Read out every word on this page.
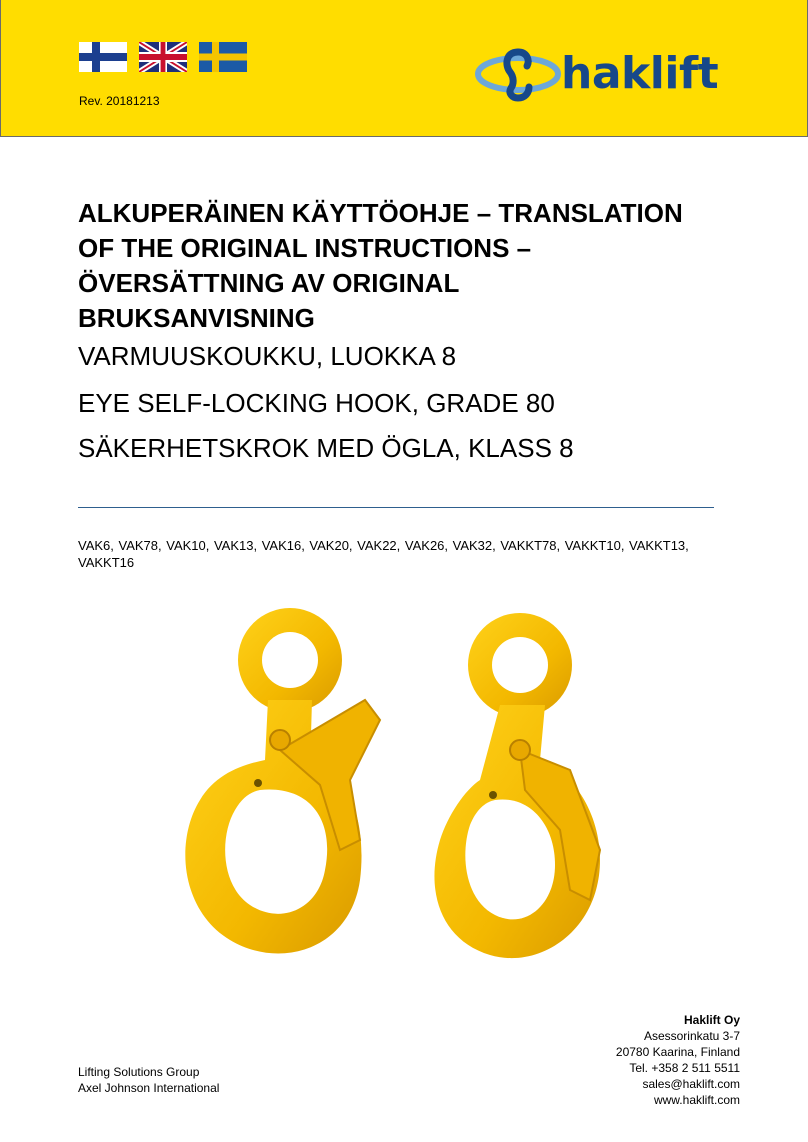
Rev. 20181213
haklift
ALKUPERÄINEN KÄYTTÖOHJE – TRANSLATION
OF THE ORIGINAL INSTRUCTIONS –
ÖVERSÄTTNING AV ORIGINAL
BRUKSANVISNING
VARMUUSKOUKKU, LUOKKA 8
EYE SELF-LOCKING HOOK, GRADE 80
SÄKERHETSKROK MED ÖGLA, KLASS 8
VAK6, VAK78, VAK10, VAK13, VAK16, VAK20, VAK22, VAK26, VAK32, VAKKT78, VAKKT10, VAKKT13, VAKKT16
Haklift Oy
Asessorinkatu 3-7
20780 Kaarina, Finland
Tel. +358 2 511 5511
sales@haklift.com
www.haklift.com
Lifting Solutions Group
Axel Johnson International
